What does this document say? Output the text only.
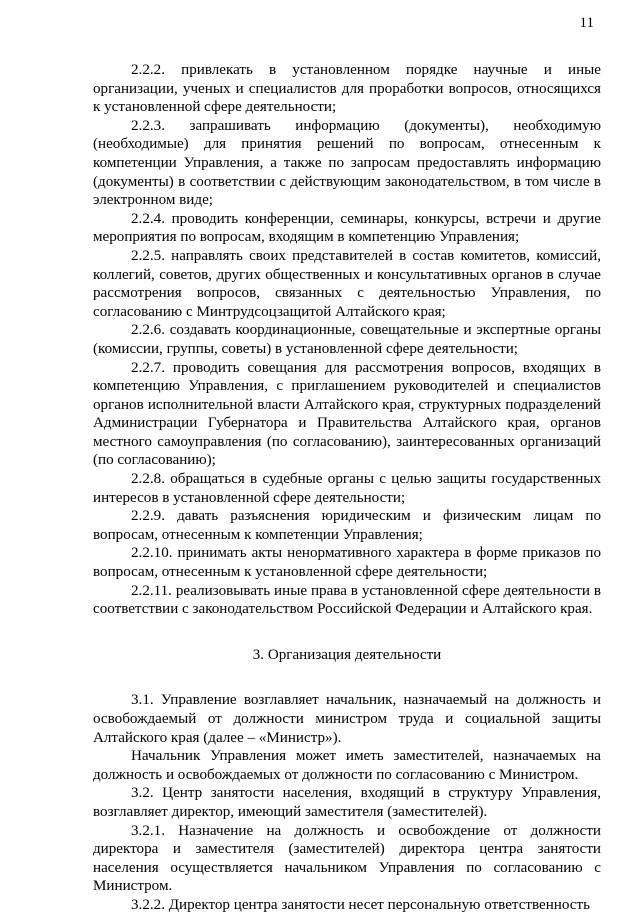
11

2.2.2. привлекать в установленном порядке научные и иные организации, ученых и специалистов для проработки вопросов, относящихся к установленной сфере деятельности;

2.2.3. запрашивать информацию (документы), необходимую (необходимые) для принятия решений по вопросам, отнесенным к компетенции Управления, а также по запросам предоставлять информацию (документы) в соответствии с действующим законодательством, в том числе в электронном виде;

2.2.4. проводить конференции, семинары, конкурсы, встречи и другие мероприятия по вопросам, входящим в компетенцию Управления;

2.2.5. направлять своих представителей в состав комитетов, комиссий, коллегий, советов, других общественных и консультативных органов в случае рассмотрения вопросов, связанных с деятельностью Управления, по согласованию с Минтрудсоцзащитой Алтайского края;

2.2.6. создавать координационные, совещательные и экспертные органы (комиссии, группы, советы) в установленной сфере деятельности;

2.2.7. проводить совещания для рассмотрения вопросов, входящих в компетенцию Управления, с приглашением руководителей и специалистов органов исполнительной власти Алтайского края, структурных подразделений Администрации Губернатора и Правительства Алтайского края, органов местного самоуправления (по согласованию), заинтересованных организаций (по согласованию);

2.2.8. обращаться в судебные органы с целью защиты государственных интересов в установленной сфере деятельности;

2.2.9. давать разъяснения юридическим и физическим лицам по вопросам, отнесенным к компетенции Управления;

2.2.10. принимать акты ненормативного характера в форме приказов по вопросам, отнесенным к установленной сфере деятельности;

2.2.11. реализовывать иные права в установленной сфере деятельности в соответствии с законодательством Российской Федерации и Алтайского края.

3. Организация деятельности

3.1. Управление возглавляет начальник, назначаемый на должность и освобождаемый от должности министром труда и социальной защиты Алтайского края (далее – «Министр»).

Начальник Управления может иметь заместителей, назначаемых на должность и освобождаемых от должности по согласованию с Министром.

3.2. Центр занятости населения, входящий в структуру Управления, возглавляет директор, имеющий заместителя (заместителей).

3.2.1. Назначение на должность и освобождение от должности директора и заместителя (заместителей) директора центра занятости населения осуществляется начальником Управления по согласованию с Министром.

3.2.2. Директор центра занятости несет персональную ответственность
